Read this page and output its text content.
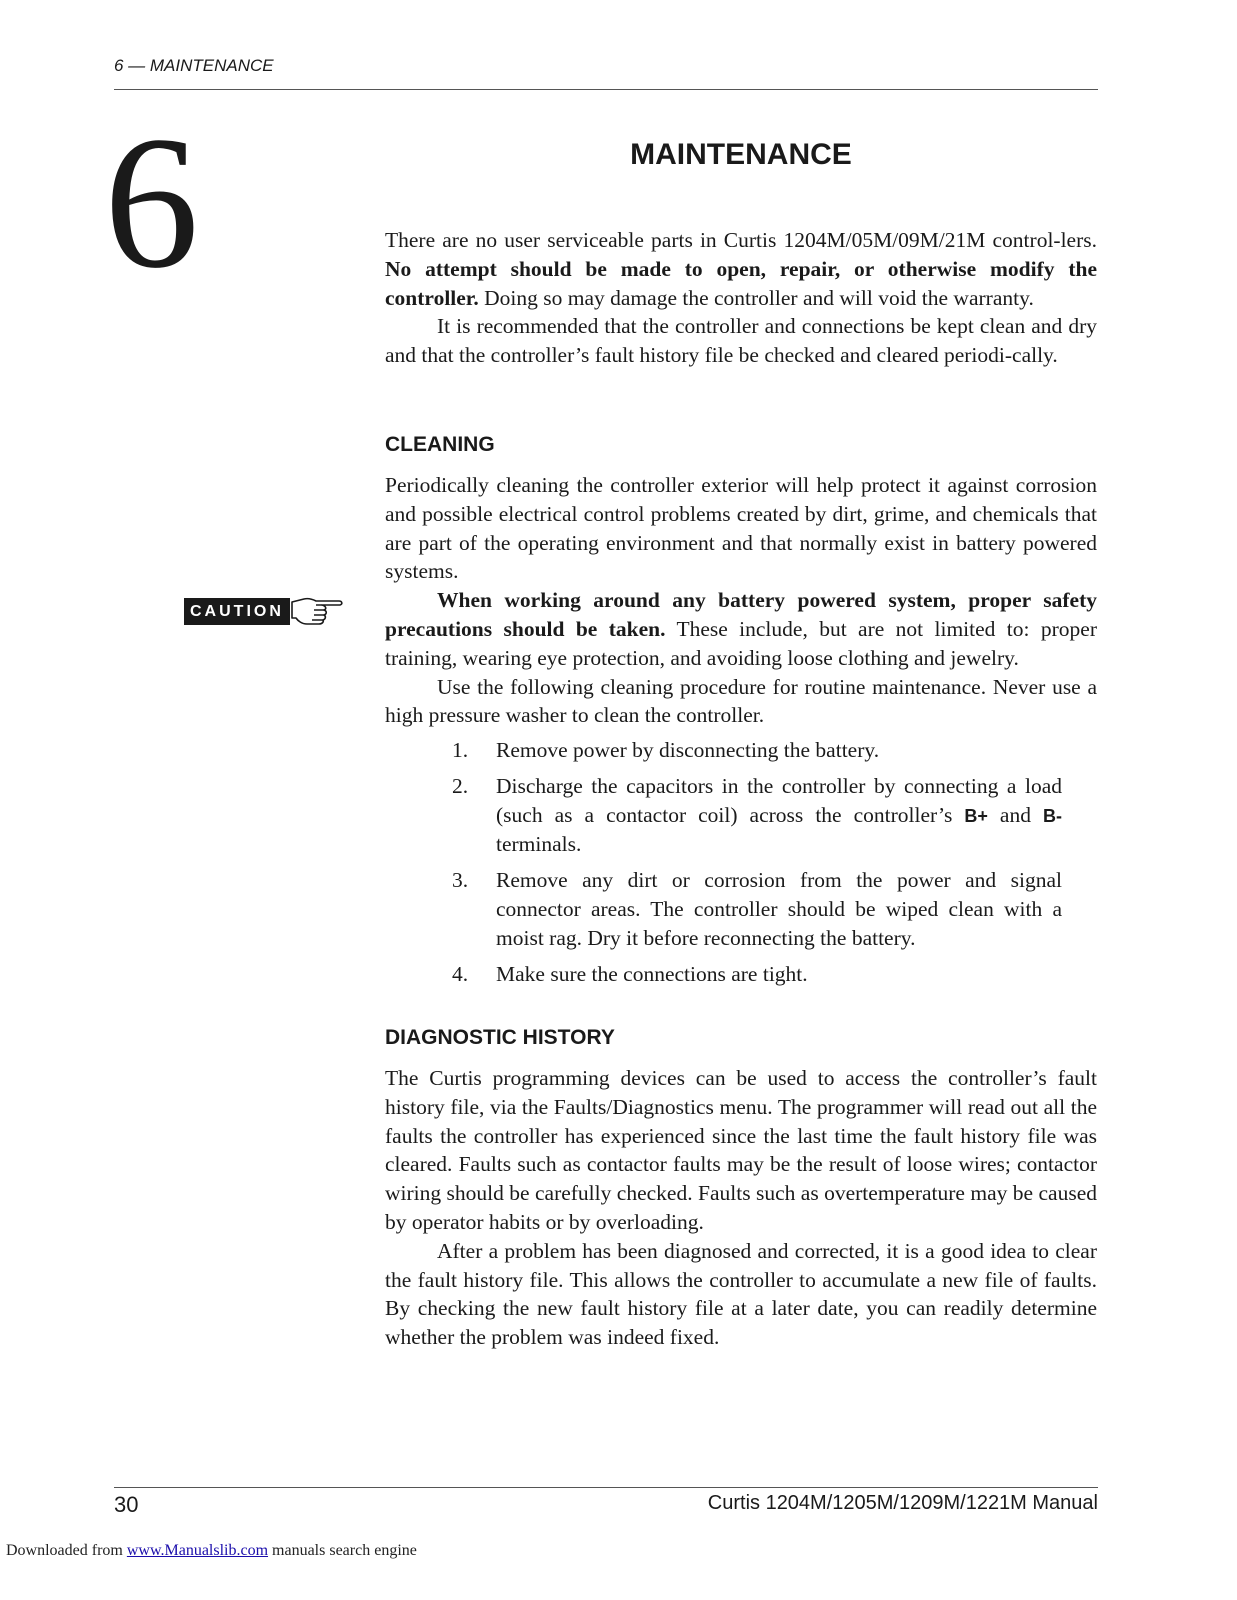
6 — MAINTENANCE
6	MAINTENANCE

There are no user serviceable parts in Curtis 1204M/05M/09M/21M control-lers. No attempt should be made to open, repair, or otherwise modify the controller. Doing so may damage the controller and will void the warranty.

It is recommended that the controller and connections be kept clean and dry and that the controller’s fault history file be checked and cleared periodi-cally.

CLEANING

Periodically cleaning the controller exterior will help protect it against corrosion and possible electrical control problems created by dirt, grime, and chemicals that are part of the operating environment and that normally exist in battery powered systems.

When working around any battery powered system, proper safety precautions should be taken. These include, but are not limited to: proper training, wearing eye protection, and avoiding loose clothing and jewelry.

Use the following cleaning procedure for routine maintenance. Never use a high pressure washer to clean the controller.

CAUTION
1.	Remove power by disconnecting the battery.
2.	Discharge the capacitors in the controller by connecting a load (such as a contactor coil) across the controller’s B+ and B- terminals.
3.	Remove any dirt or corrosion from the power and signal connector areas. The controller should be wiped clean with a moist rag. Dry it before reconnecting the battery.
4.	Make sure the connections are tight.
DIAGNOSTIC HISTORY

The Curtis programming devices can be used to access the controller’s fault history file, via the Faults/Diagnostics menu. The programmer will read out all the faults the controller has experienced since the last time the fault history file was cleared. Faults such as contactor faults may be the result of loose wires; contactor wiring should be carefully checked. Faults such as overtemperature may be caused by operator habits or by overloading.

After a problem has been diagnosed and corrected, it is a good idea to clear the fault history file. This allows the controller to accumulate a new file of faults. By checking the new fault history file at a later date, you can readily determine whether the problem was indeed fixed.

30	Curtis 1204M/1205M/1209M/1221M Manual
Downloaded from www.Manualslib.com manuals search engine
